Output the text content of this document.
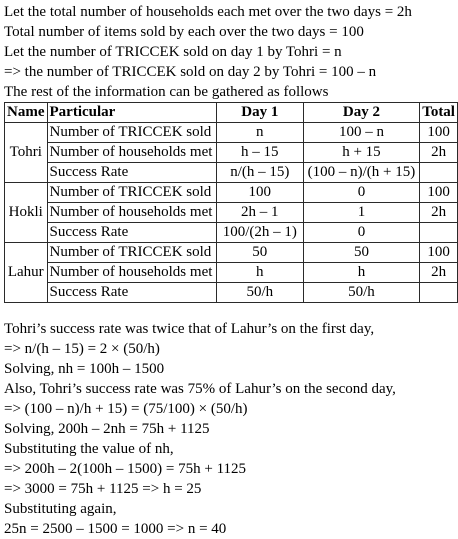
Let the total number of households each met over the two days = 2h
Total number of items sold by each over the two days = 100
Let the number of TRICCEK sold on day 1 by Tohri = n
=> the number of TRICCEK sold on day 2 by Tohri = 100 – n
The rest of the information can be gathered as follows
Name	Particular	Day 1	Day 2	Total
Tohri	Number of TRICCEK sold	n	100 – n	100
	Number of households met	h – 15	h + 15	2h
	Success Rate	n/(h – 15)	(100 – n)/(h + 15)	
Hokli	Number of TRICCEK sold	100	0	100
	Number of households met	2h – 1	1	2h
	Success Rate	100/(2h – 1)	0	
Lahur	Number of TRICCEK sold	50	50	100
	Number of households met	h	h	2h
	Success Rate	50/h	50/h	
Tohri’s success rate was twice that of Lahur’s on the first day,
=> n/(h – 15) = 2 × (50/h)
Solving, nh = 100h – 1500
Also, Tohri’s success rate was 75% of Lahur’s on the second day,
=> (100 – n)/h + 15) = (75/100) × (50/h)
Solving, 200h – 2nh = 75h + 1125
Substituting the value of nh,
=> 200h – 2(100h – 1500) = 75h + 1125
=> 3000 = 75h + 1125 => h = 25
Substituting again,
25n = 2500 – 1500 = 1000 => n = 40
